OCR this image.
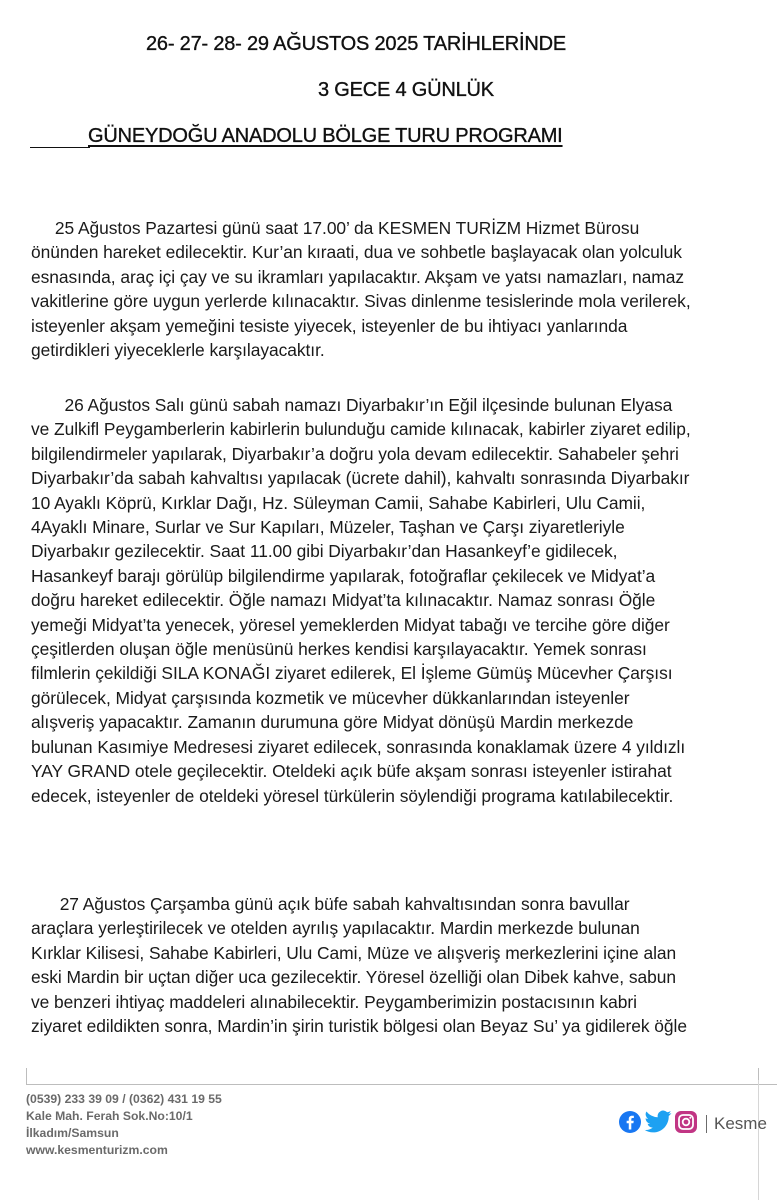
26- 27- 28- 29 AĞUSTOS 2025 TARİHLERİNDE
3 GECE 4 GÜNLÜK
GÜNEYDOĞU ANADOLU BÖLGE TURU PROGRAMI
25 Ağustos Pazartesi günü saat 17.00’ da KESMEN TURİZM Hizmet Bürosu
önünden hareket edilecektir. Kur’an kıraati, dua ve sohbetle başlayacak olan yolculuk
esnasında, araç içi çay ve su ikramları yapılacaktır. Akşam ve yatsı namazları, namaz
vakitlerine göre uygun yerlerde kılınacaktır. Sivas dinlenme tesislerinde mola verilerek,
isteyenler akşam yemeğini tesiste yiyecek, isteyenler de bu ihtiyacı yanlarında
getirdikleri yiyeceklerle karşılayacaktır.
26 Ağustos Salı günü sabah namazı Diyarbakır’ın Eğil ilçesinde bulunan Elyasa
ve Zulkifl Peygamberlerin kabirlerin bulunduğu camide kılınacak, kabirler ziyaret edilip,
bilgilendirmeler yapılarak, Diyarbakır’a doğru yola devam edilecektir. Sahabeler şehri
Diyarbakır’da sabah kahvaltısı yapılacak (ücrete dahil), kahvaltı sonrasında Diyarbakır
10 Ayaklı Köprü, Kırklar Dağı, Hz. Süleyman Camii, Sahabe Kabirleri, Ulu Camii,
4Ayaklı Minare, Surlar ve Sur Kapıları, Müzeler, Taşhan ve Çarşı ziyaretleriyle
Diyarbakır gezilecektir. Saat 11.00 gibi Diyarbakır’dan Hasankeyf’e gidilecek,
Hasankeyf barajı görülüp bilgilendirme yapılarak, fotoğraflar çekilecek ve Midyat’a
doğru hareket edilecektir. Öğle namazı Midyat’ta kılınacaktır. Namaz sonrası Öğle
yemeği Midyat’ta yenecek, yöresel yemeklerden Midyat tabağı ve tercihe göre diğer
çeşitlerden oluşan öğle menüsünü herkes kendisi karşılayacaktır. Yemek sonrası
filmlerin çekildiği SILA KONAĞI ziyaret edilerek, El İşleme Gümüş Mücevher Çarşısı
görülecek, Midyat çarşısında kozmetik ve mücevher dükkanlarından isteyenler
alışveriş yapacaktır. Zamanın durumuna göre Midyat dönüşü Mardin merkezde
bulunan Kasımiye Medresesi ziyaret edilecek, sonrasında konaklamak üzere 4 yıldızlı
YAY GRAND otele geçilecektir. Oteldeki açık büfe akşam sonrası isteyenler istirahat
edecek, isteyenler de oteldeki yöresel türkülerin söylendiği programa katılabilecektir.
27 Ağustos Çarşamba günü açık büfe sabah kahvaltısından sonra bavullar
araçlara yerleştirilecek ve otelden ayrılış yapılacaktır. Mardin merkezde bulunan
Kırklar Kilisesi, Sahabe Kabirleri, Ulu Cami, Müze ve alışveriş merkezlerini içine alan
eski Mardin bir uçtan diğer uca gezilecektir. Yöresel özelliği olan Dibek kahve, sabun
ve benzeri ihtiyaç maddeleri alınabilecektir. Peygamberimizin postacısının kabri
ziyaret edildikten sonra, Mardin’in şirin turistik bölgesi olan Beyaz Su’ ya gidilerek öğle
(0539) 233 39 09 / (0362) 431 19 55
Kale Mah. Ferah Sok.No:10/1
İlkadım/Samsun
www.kesmenturizm.com
Kesme
